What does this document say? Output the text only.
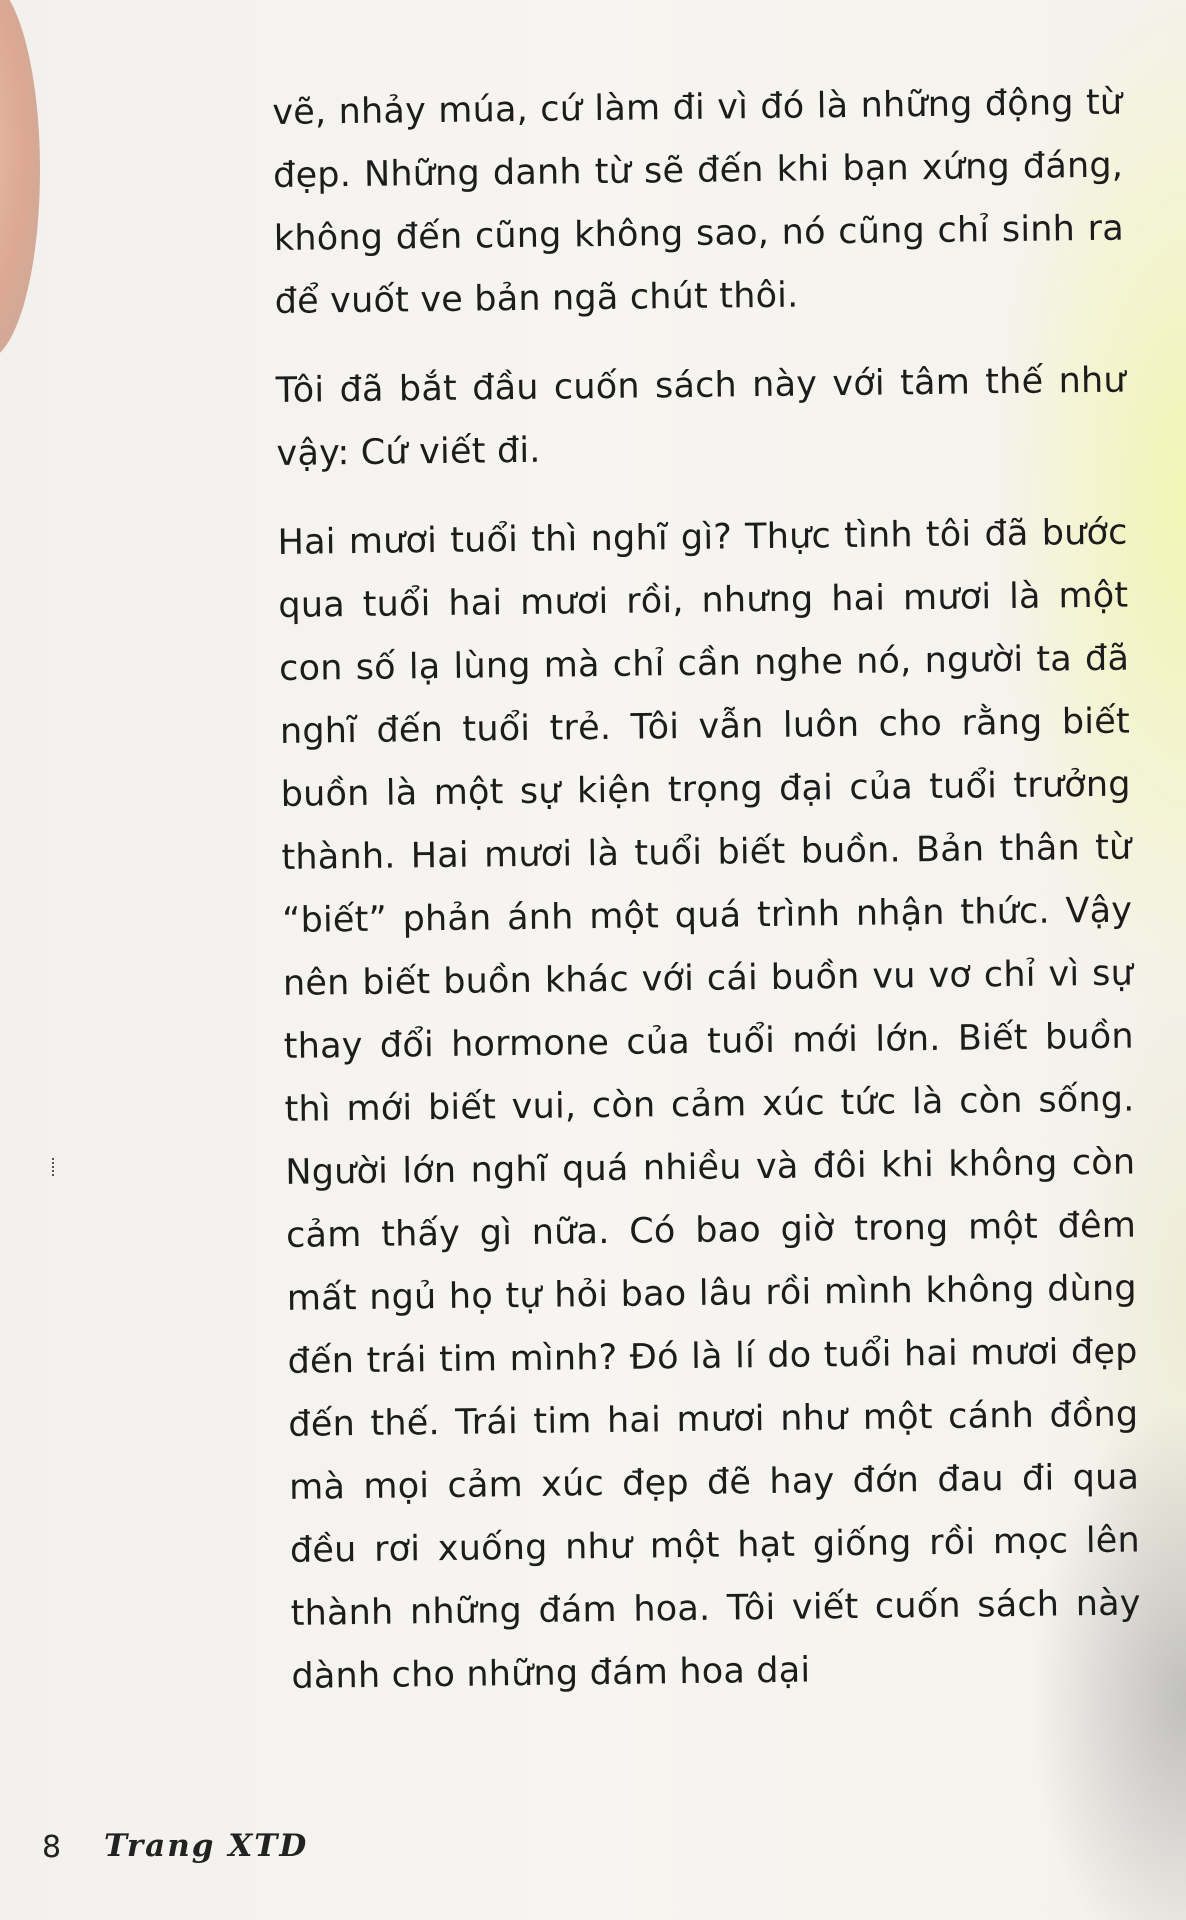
vẽ, nhảy múa, cứ làm đi vì đó là những động từ đẹp. Những danh từ sẽ đến khi bạn xứng đáng, không đến cũng không sao, nó cũng chỉ sinh ra để vuốt ve bản ngã chút thôi.

Tôi đã bắt đầu cuốn sách này với tâm thế như vậy: Cứ viết đi.

Hai mươi tuổi thì nghĩ gì? Thực tình tôi đã bước qua tuổi hai mươi rồi, nhưng hai mươi là một con số lạ lùng mà chỉ cần nghe nó, người ta đã nghĩ đến tuổi trẻ. Tôi vẫn luôn cho rằng biết buồn là một sự kiện trọng đại của tuổi trưởng thành. Hai mươi là tuổi biết buồn. Bản thân từ “biết” phản ánh một quá trình nhận thức. Vậy nên biết buồn khác với cái buồn vu vơ chỉ vì sự thay đổi hormone của tuổi mới lớn. Biết buồn thì mới biết vui, còn cảm xúc tức là còn sống. Người lớn nghĩ quá nhiều và đôi khi không còn cảm thấy gì nữa. Có bao giờ trong một đêm mất ngủ họ tự hỏi bao lâu rồi mình không dùng đến trái tim mình? Đó là lí do tuổi hai mươi đẹp đến thế. Trái tim hai mươi như một cánh đồng mà mọi cảm xúc đẹp đẽ hay đớn đau đi qua đều rơi xuống như một hạt giống rồi mọc lên thành những đám hoa. Tôi viết cuốn sách này dành cho những đám hoa dại

8 Trang XTD
